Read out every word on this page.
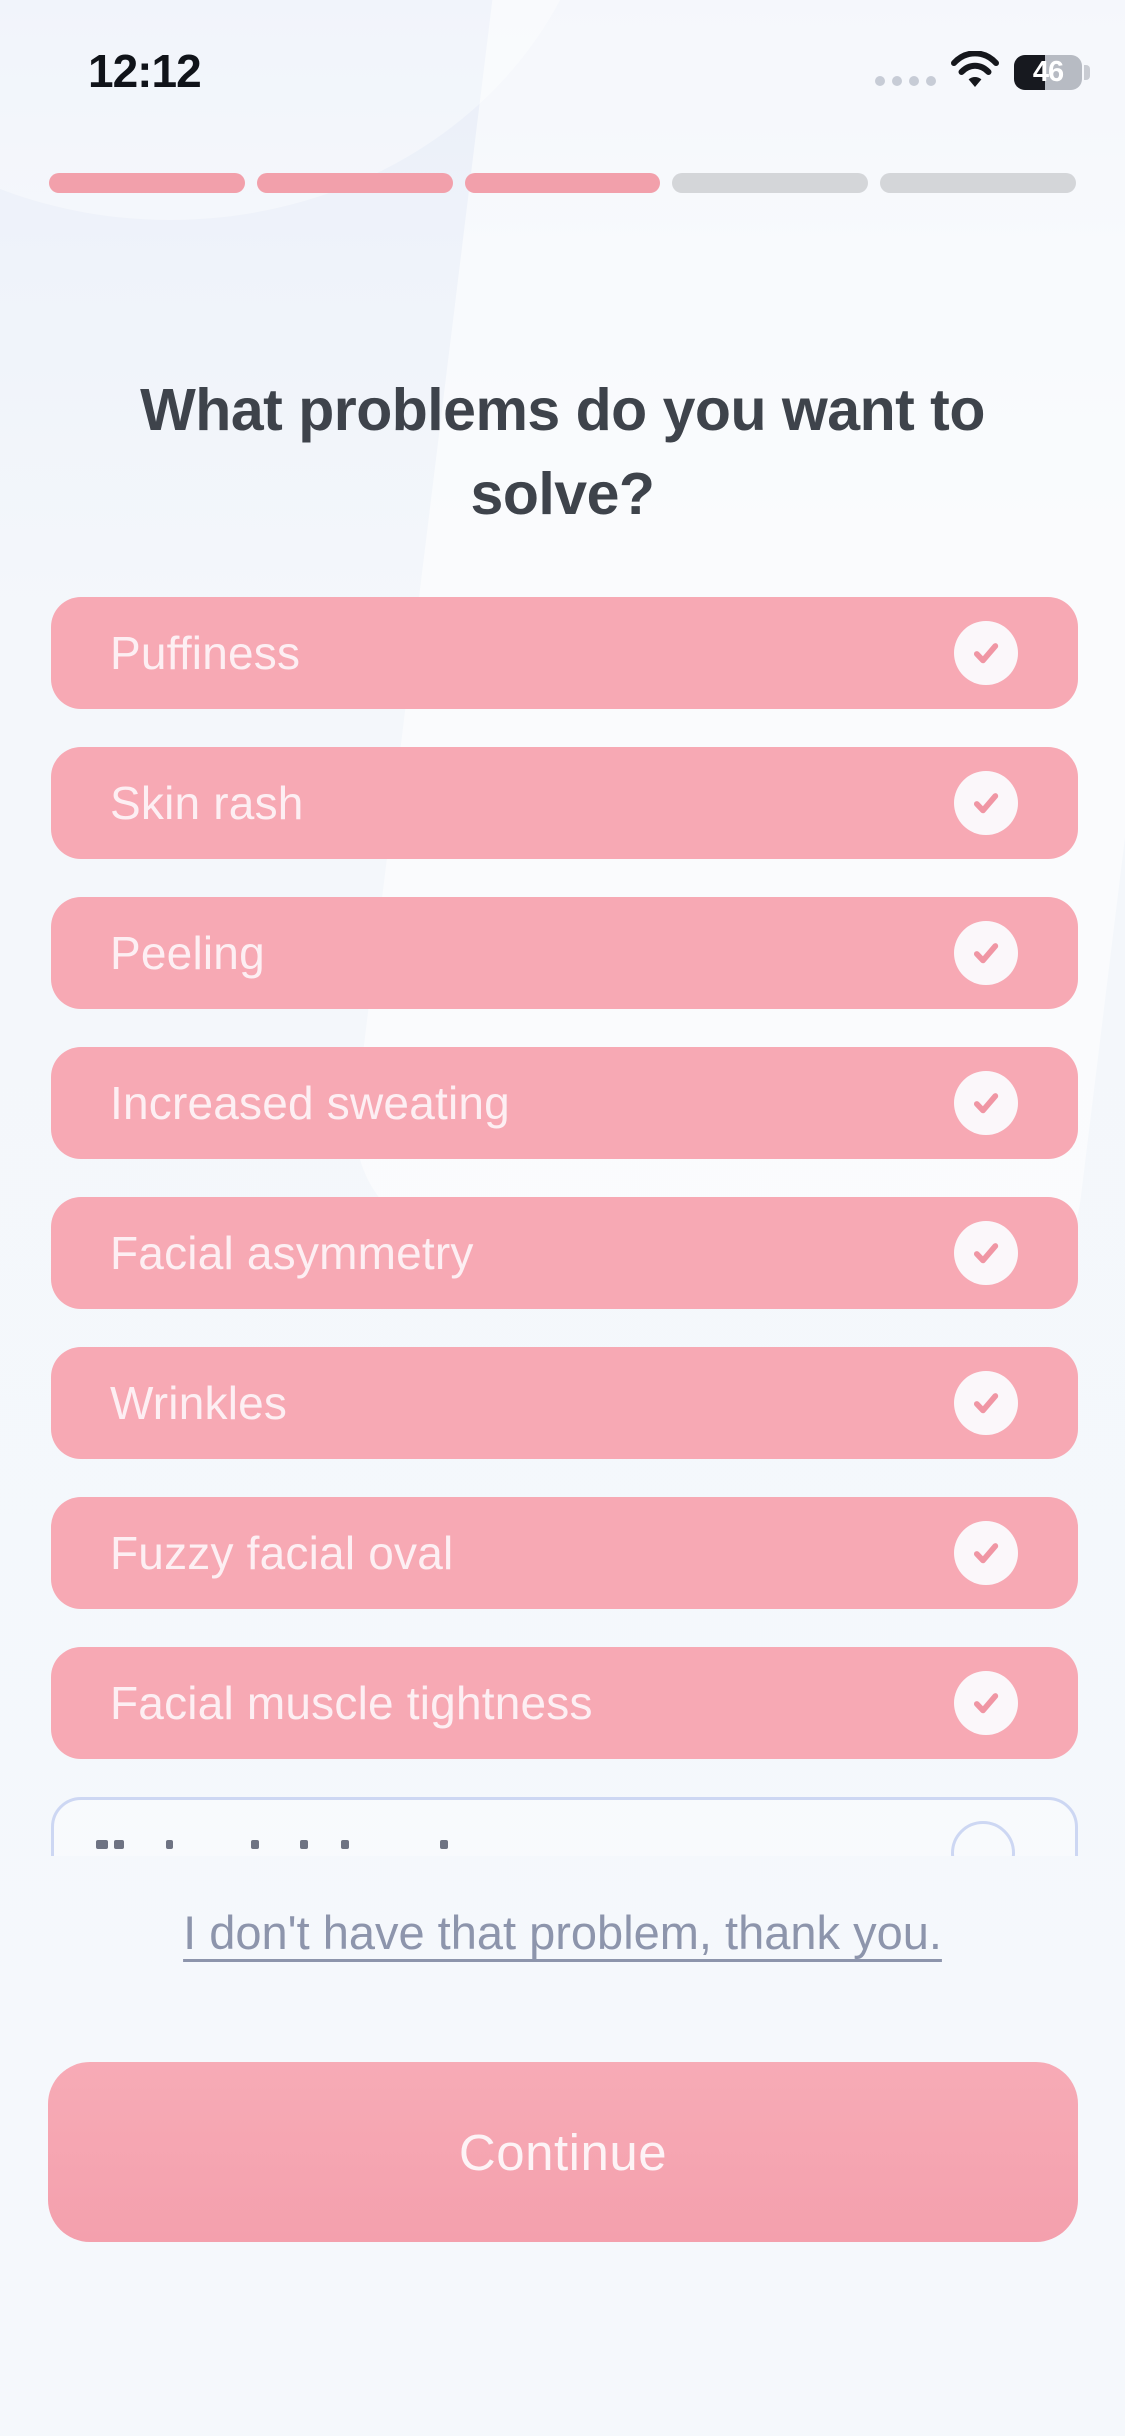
12:12	46
What problems do you want to solve?
Puffiness
Skin rash
Peeling
Increased sweating
Facial asymmetry
Wrinkles
Fuzzy facial oval
Facial muscle tightness
I don't have that problem, thank you.
Continue
